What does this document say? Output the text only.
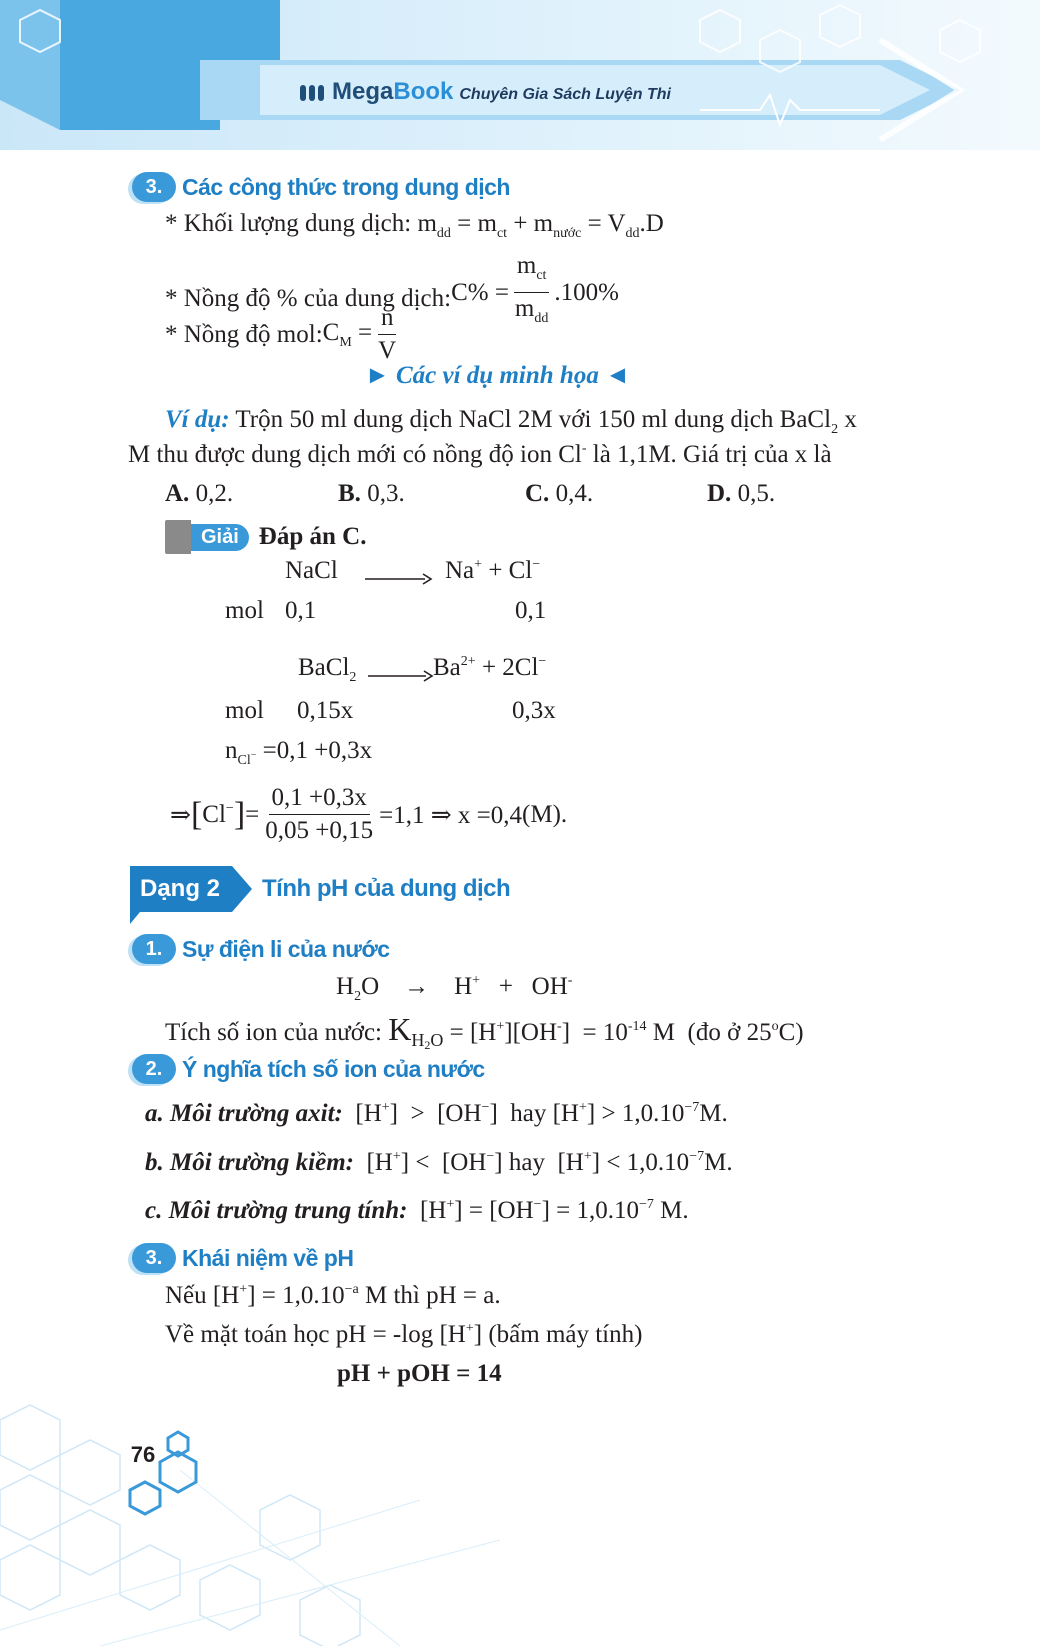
MegaBook Chuyên Gia Sách Luyện Thi
3. Các công thức trong dung dịch
* Khối lượng dung dịch: $m_{dd} = m_{ct} + m_{nước} = V_{dd}.D$
* Nồng độ % của dung dịch: $C\% = \frac{m_{ct}}{m_{dd}} .100\%$
* Nồng độ mol: $C_M = \frac{n}{V}$
► Các ví dụ minh họa ◄
Ví dụ: Trộn 50 ml dung dịch NaCl 2M với 150 ml dung dịch BaCl$_2$ x
M thu được dung dịch mới có nồng độ ion Cl- là 1,1M. Giá trị của x là
A. 0,2.	B. 0,3.	C. 0,4.	D. 0,5.
Giải Đáp án C.
NaCl	Na+ + Cl−
mol 0,1	0,1
BaCl$_2$	$Ba^{2+} + 2Cl^-$
mol 0,15x	0,3x
$n_{Cl^-} =0,1 +0,3x$
⇒ [ Cl− ] = $\frac{0,1 +0,3x}{0,05 +0,15} =1,1$ ⇒ x =0,4 (M).
Dạng 2	Tính pH của dung dịch
1. Sự điện li của nước
$H_2O$    →    H+   +   OH-
Tích số ion của nước: $K_{H_2O} = [H^+][OH^-] = 10^{-14}$ M  (đo ở 25$^o$C)
2. Ý nghĩa tích số ion của nước
a. Môi trường axit:  [H+]  >  [OH−]  hay $[H^+] > 1,0.10^{-7}M$.
b. Môi trường kiềm:  [H+] <  [OH−] hay  $[H^+] < 1,0.10^{-7}M$.
c. Môi trường trung tính:  $[H^+] = [OH^-] = 1,0.10^{-7}$ M.
3. Khái niệm về pH
Nếu $[H^+] = 1,0.10^{-a}$ M thì pH = a.
Về mặt toán học pH = -log [H+] (bấm máy tính)
pH + pOH = 14
76
